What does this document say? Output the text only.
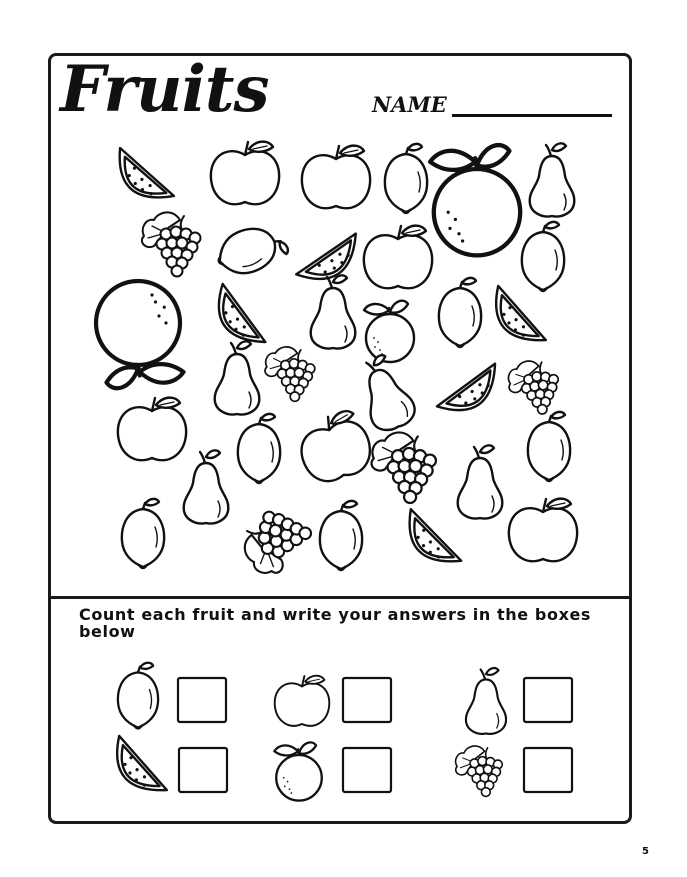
Fruits	NAME
Count each fruit and write your answers in the boxes below
5
